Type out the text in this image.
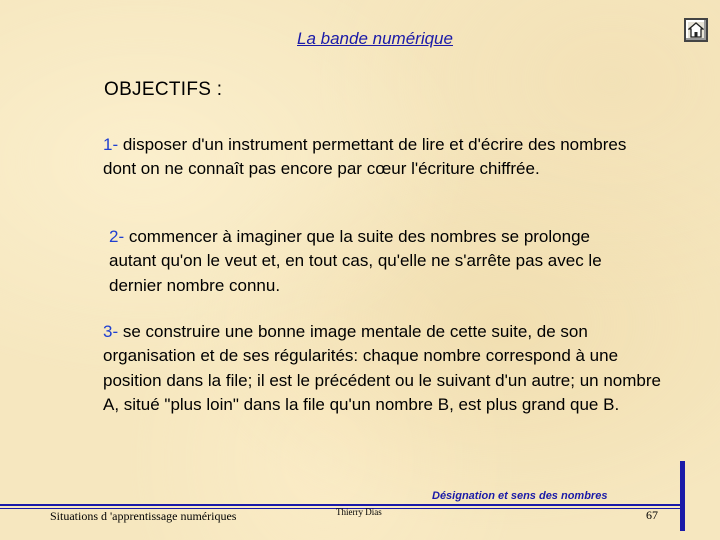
La bande numérique
OBJECTIFS :

1- disposer d'un instrument permettant de lire et d'écrire des nombres dont on ne connaît pas encore par cœur l'écriture chiffrée.

2- commencer à imaginer que la suite des nombres se prolonge autant qu'on le veut et, en tout cas, qu'elle ne s'arrête pas avec le dernier nombre connu.

3- se construire une bonne image mentale de cette suite, de son organisation et de ses régularités: chaque nombre correspond à une position dans la file; il est le précédent ou le suivant d'un autre; un nombre A, situé "plus loin" dans la file qu'un nombre B, est plus grand que B.

Désignation et sens des nombres
Situations d 'apprentissage numériques	Thierry Dias	67
